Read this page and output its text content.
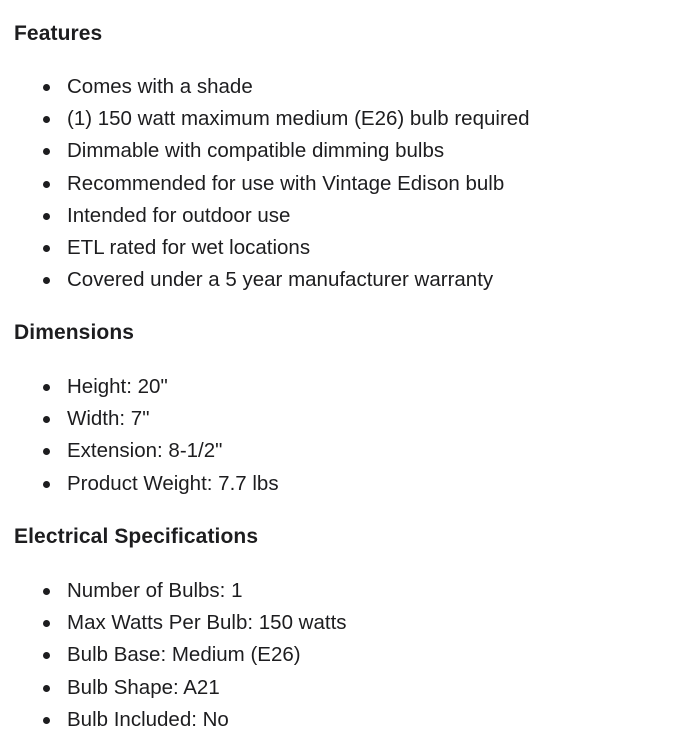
Features
Comes with a shade
(1) 150 watt maximum medium (E26) bulb required
Dimmable with compatible dimming bulbs
Recommended for use with Vintage Edison bulb
Intended for outdoor use
ETL rated for wet locations
Covered under a 5 year manufacturer warranty
Dimensions
Height: 20"
Width: 7"
Extension: 8-1/2"
Product Weight: 7.7 lbs
Electrical Specifications
Number of Bulbs: 1
Max Watts Per Bulb: 150 watts
Bulb Base: Medium (E26)
Bulb Shape: A21
Bulb Included: No
